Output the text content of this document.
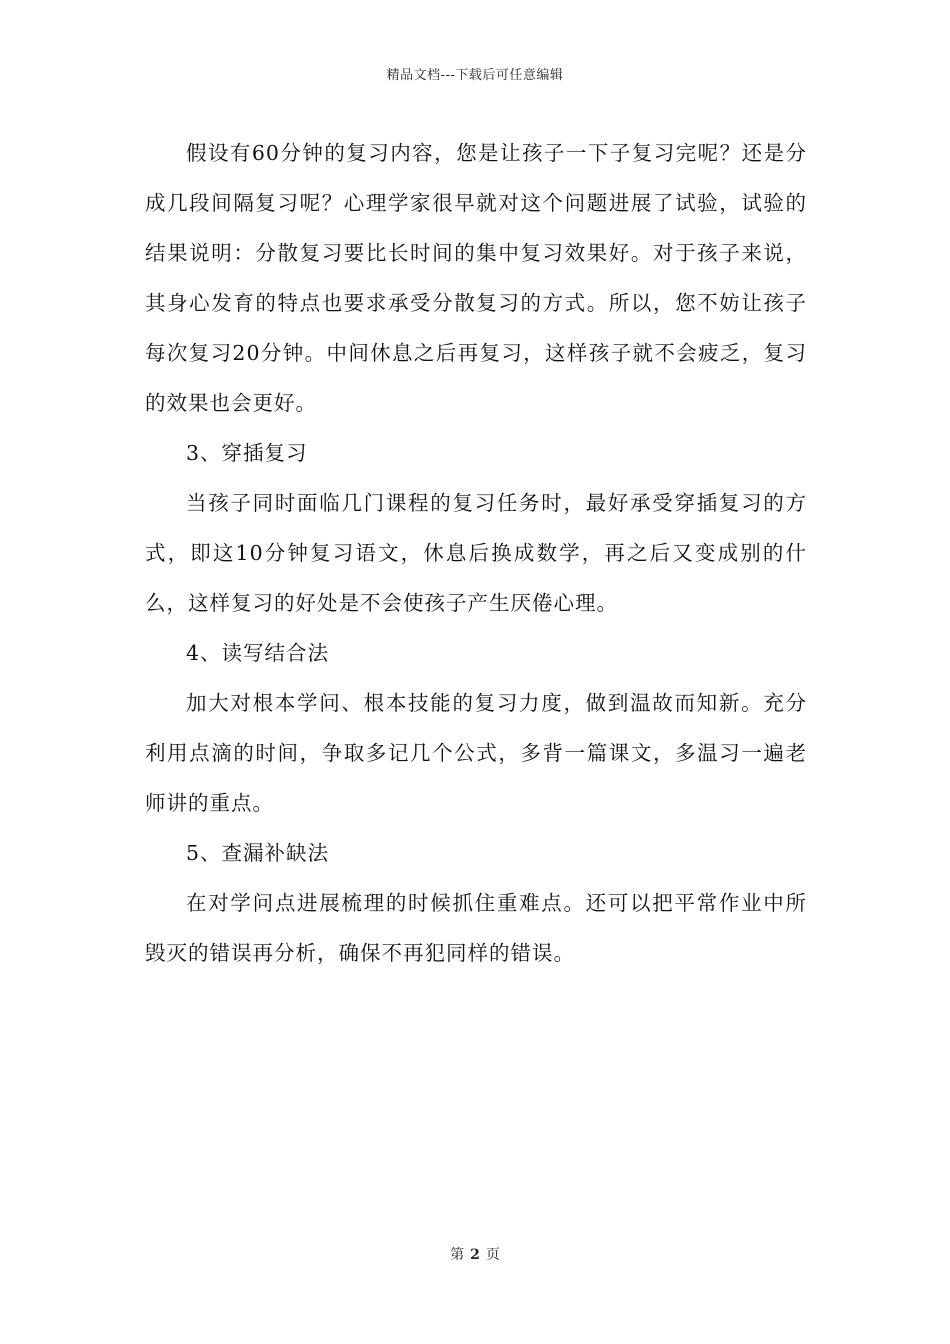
精品文档---下载后可任意编辑

假设有60分钟的复习内容，您是让孩子一下子复习完呢？还是分成几段间隔复习呢？心理学家很早就对这个问题进展了试验，试验的结果说明：分散复习要比长时间的集中复习效果好。对于孩子来说，其身心发育的特点也要求承受分散复习的方式。所以，您不妨让孩子每次复习20分钟。中间休息之后再复习，这样孩子就不会疲乏，复习的效果也会更好。

3、穿插复习

当孩子同时面临几门课程的复习任务时，最好承受穿插复习的方式，即这10分钟复习语文，休息后换成数学，再之后又变成别的什么，这样复习的好处是不会使孩子产生厌倦心理。

4、读写结合法

加大对根本学问、根本技能的复习力度，做到温故而知新。充分利用点滴的时间，争取多记几个公式，多背一篇课文，多温习一遍老师讲的重点。

5、查漏补缺法

在对学问点进展梳理的时候抓住重难点。还可以把平常作业中所毁灭的错误再分析，确保不再犯同样的错误。

第 2 页
